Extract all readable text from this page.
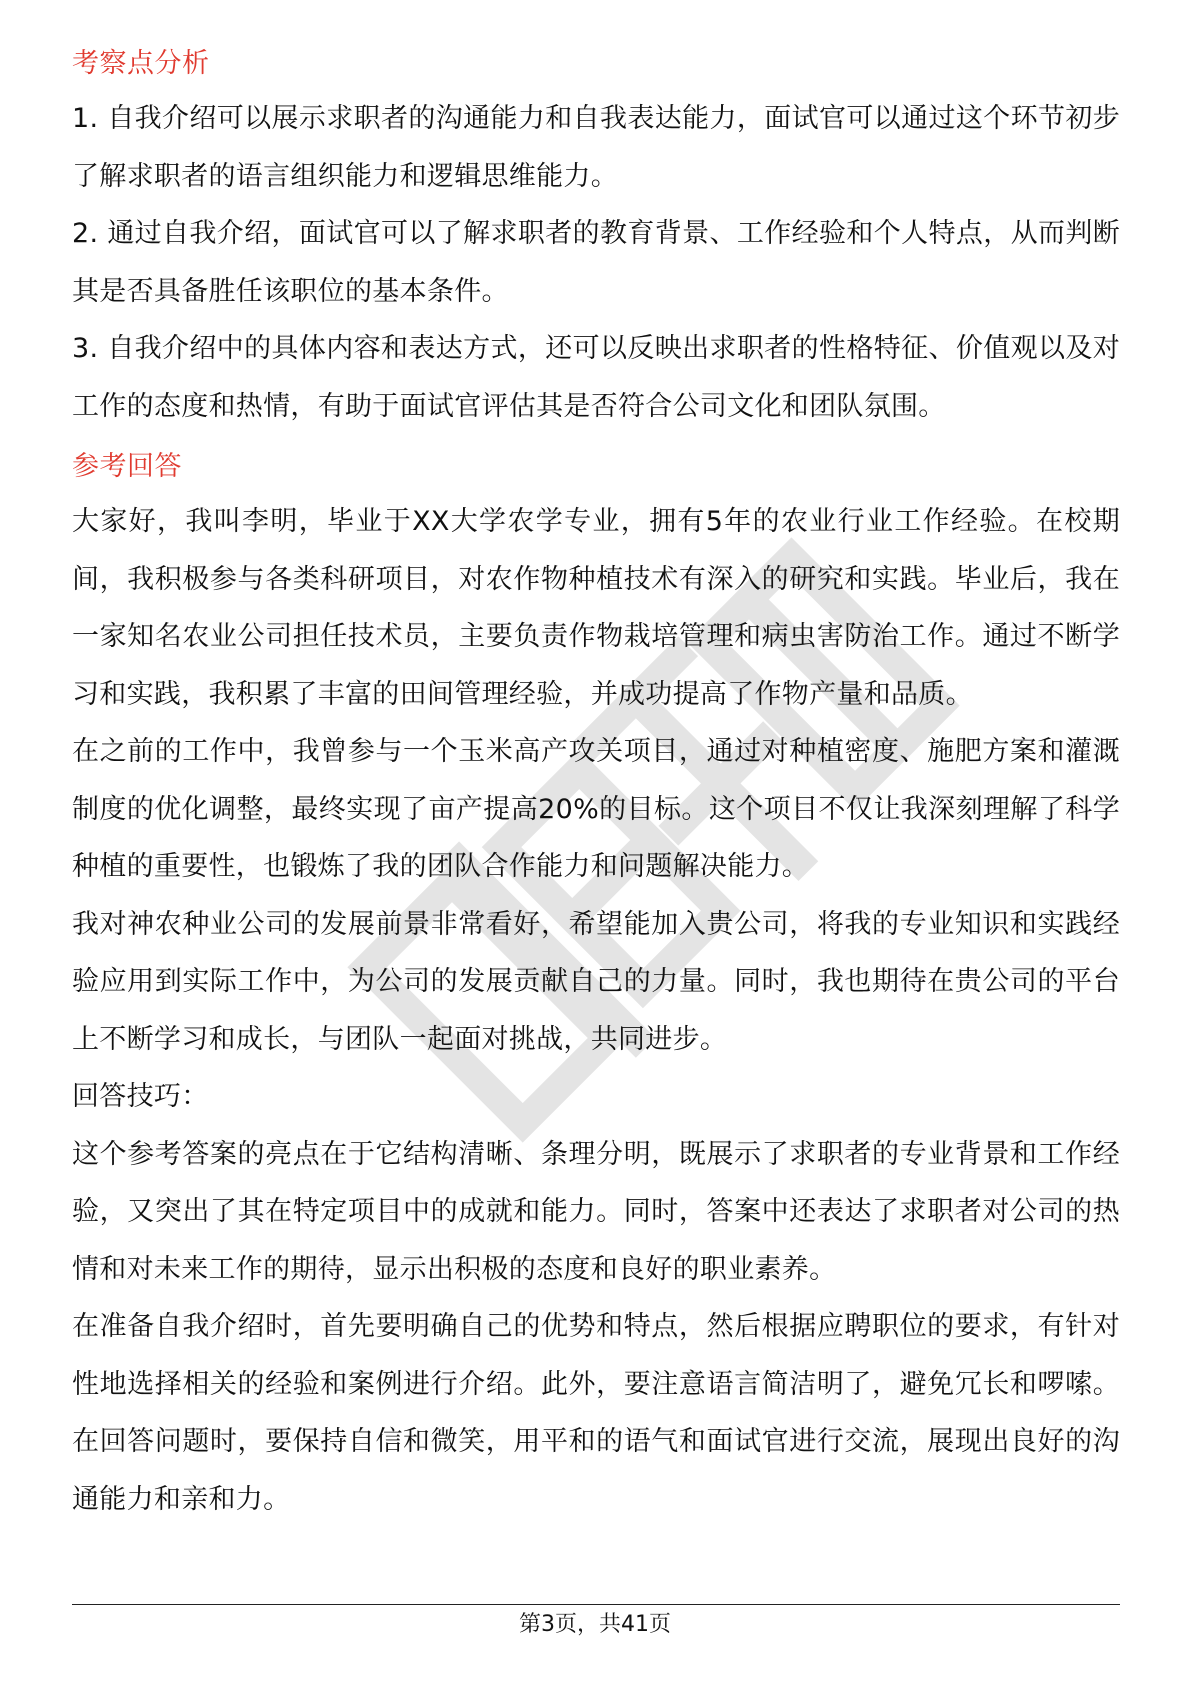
考察点分析

1. 自我介绍可以展示求职者的沟通能力和自我表达能力，面试官可以通过这个环节初步了解求职者的语言组织能力和逻辑思维能力。

2. 通过自我介绍，面试官可以了解求职者的教育背景、工作经验和个人特点，从而判断其是否具备胜任该职位的基本条件。

3. 自我介绍中的具体内容和表达方式，还可以反映出求职者的性格特征、价值观以及对工作的态度和热情，有助于面试官评估其是否符合公司文化和团队氛围。

参考回答

大家好，我叫李明，毕业于XX大学农学专业，拥有5年的农业行业工作经验。在校期间，我积极参与各类科研项目，对农作物种植技术有深入的研究和实践。毕业后，我在一家知名农业公司担任技术员，主要负责作物栽培管理和病虫害防治工作。通过不断学习和实践，我积累了丰富的田间管理经验，并成功提高了作物产量和品质。

在之前的工作中，我曾参与一个玉米高产攻关项目，通过对种植密度、施肥方案和灌溉制度的优化调整，最终实现了亩产提高20%的目标。这个项目不仅让我深刻理解了科学种植的重要性，也锻炼了我的团队合作能力和问题解决能力。

我对神农种业公司的发展前景非常看好，希望能加入贵公司，将我的专业知识和实践经验应用到实际工作中，为公司的发展贡献自己的力量。同时，我也期待在贵公司的平台上不断学习和成长，与团队一起面对挑战，共同进步。

回答技巧：

这个参考答案的亮点在于它结构清晰、条理分明，既展示了求职者的专业背景和工作经验，又突出了其在特定项目中的成就和能力。同时，答案中还表达了求职者对公司的热情和对未来工作的期待，显示出积极的态度和良好的职业素养。

在准备自我介绍时，首先要明确自己的优势和特点，然后根据应聘职位的要求，有针对性地选择相关的经验和案例进行介绍。此外，要注意语言简洁明了，避免冗长和啰嗦。在回答问题时，要保持自信和微笑，用平和的语气和面试官进行交流，展现出良好的沟通能力和亲和力。

第3页，共41页
